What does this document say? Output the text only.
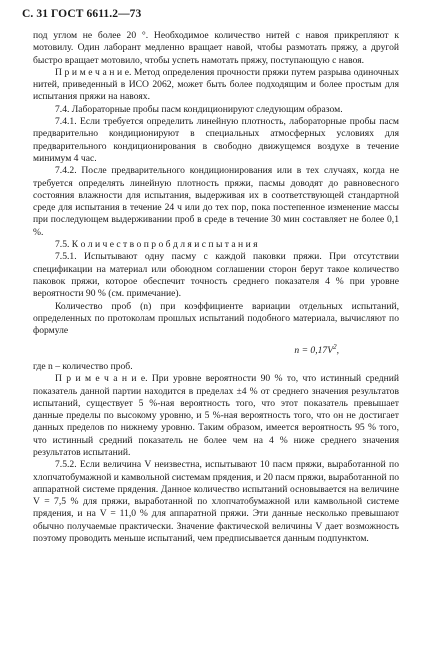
С. 31 ГОСТ 6611.2—73

под углом не более 20 °. Необходимое количество нитей с навоя прикрепляют к мотовилу. Один лаборант медленно вращает навой, чтобы размотать пряжу, а другой быстро вращает мотовило, чтобы успеть намотать пряжу, поступающую с навоя.

П р и м е ч а н и е. Метод определения прочности пряжи путем разрыва одиночных нитей, приведенный в ИСО 2062, может быть более подходящим и более простым для испытания пряжи на навоях.

7.4. Лабораторные пробы пасм кондиционируют следующим образом.

7.4.1. Если требуется определить линейную плотность, лабораторные пробы пасм предварительно кондиционируют в специальных атмосферных условиях для предварительного кондиционирования в свободно движущемся воздухе в течение минимум 4 час.

7.4.2. После предварительного кондиционирования или в тех случаях, когда не требуется определять линейную плотность пряжи, пасмы доводят до равновесного состояния влажности для испытания, выдерживая их в соответствующей стандартной среде для испытания в течение 24 ч или до тех пор, пока постепенное изменение массы при последующем выдерживании проб в среде в течение 30 мин составляет не более 0,1 %.

7.5. К о л и ч е с т в о п р о б д л я и с п ы т а н и я

7.5.1. Испытывают одну пасму с каждой паковки пряжи. При отсутствии спецификации на материал или обоюдном соглашении сторон берут такое количество паковок пряжи, которое обеспечит точность среднего показателя 4 % при уровне вероятности 90 % (см. примечание).

Количество проб (n) при коэффициенте вариации отдельных испытаний, определенных по протоколам прошлых испытаний подобного материала, вычисляют по формуле

$n = 0,17V^2$,

где n – количество проб.

П р и м е ч а н и е. При уровне вероятности 90 % то, что истинный средний показатель данной партии находится в пределах ±4 % от среднего значения результатов испытаний, существует 5 %-ная вероятность того, что этот показатель превышает данные пределы по высокому уровню, и 5 %-ная вероятность того, что он не достигает данных пределов по нижнему уровню. Таким образом, имеется вероятность 95 % того, что истинный средний показатель не более чем на 4 % ниже среднего значения результатов испытаний.

7.5.2. Если величина V неизвестна, испытывают 10 пасм пряжи, выработанной по хлопчатобумажной и камвольной системам прядения, и 20 пасм пряжи, выработанной по аппаратной системе прядения. Данное количество испытаний основывается на величине V = 7,5 % для пряжи, выработанной по хлопчатобумажной или камвольной системе прядения, и на V = 11,0 % для аппаратной пряжи. Эти данные несколько превышают обычно получаемые практически. Значение фактической величины V дает возможность поэтому проводить меньше испытаний, чем предписывается данным подпунктом.
